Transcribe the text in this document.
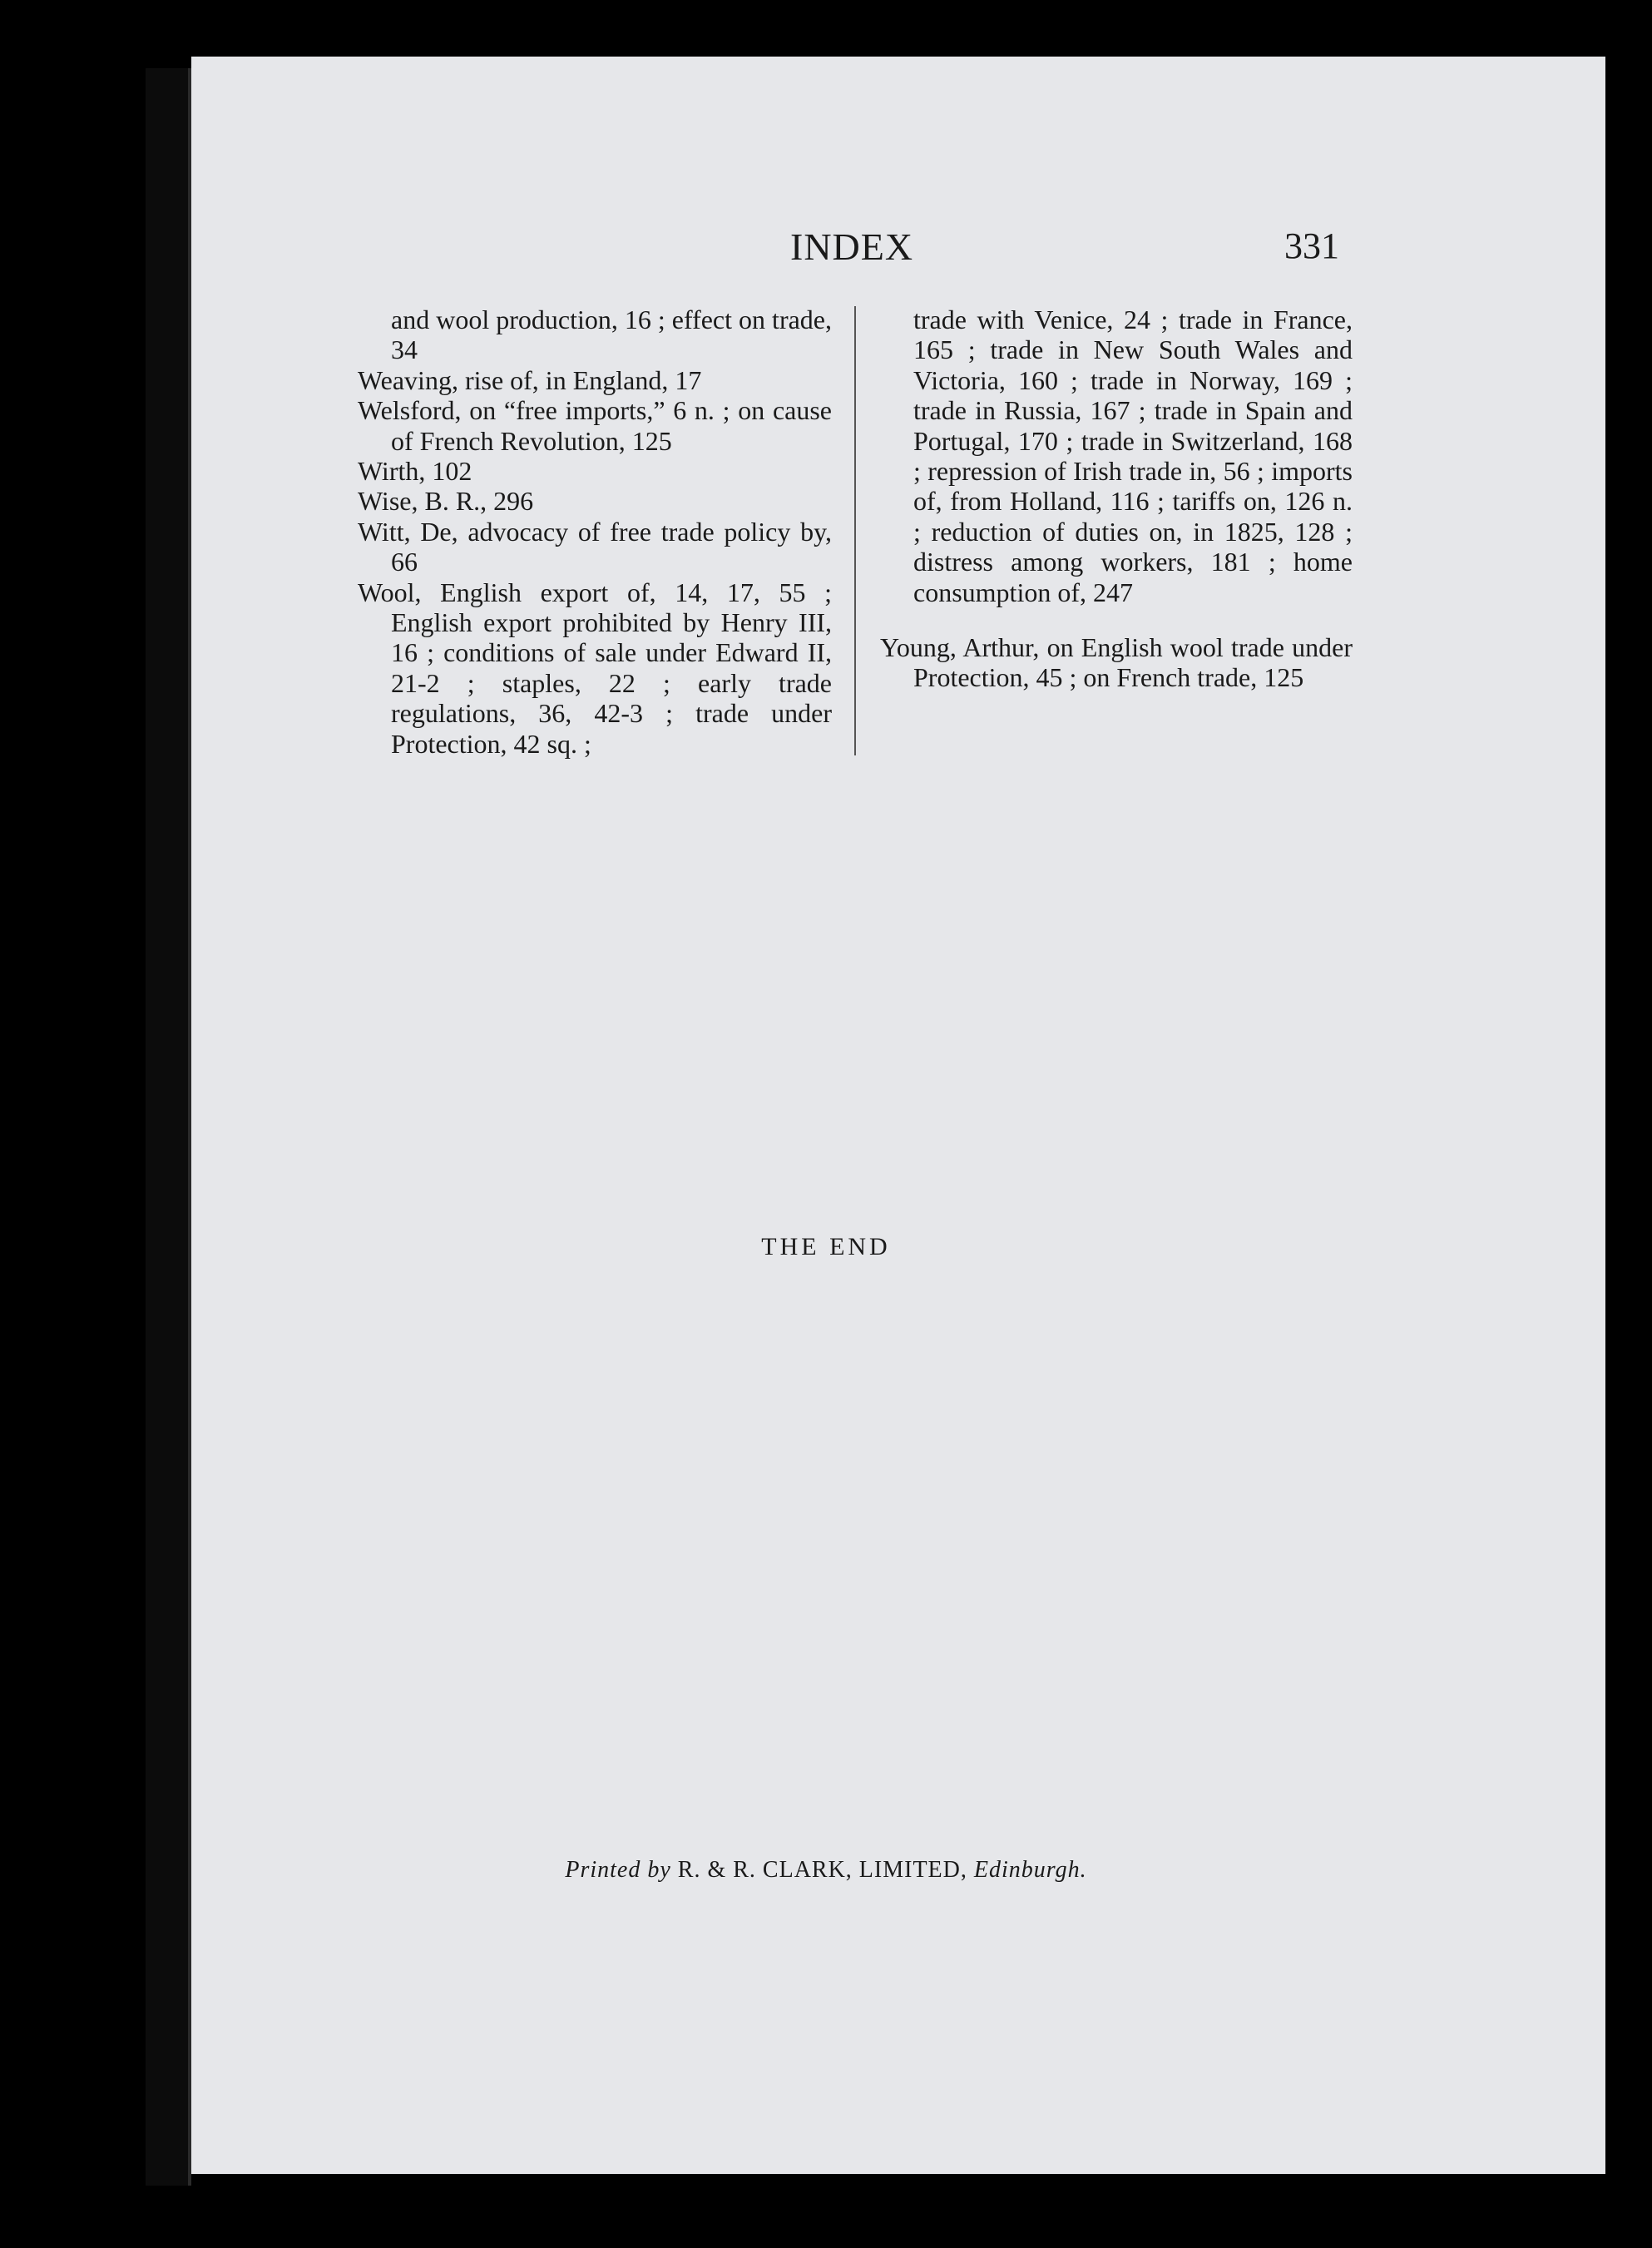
INDEX	331

and wool production, 16 ; effect on trade, 34

Weaving, rise of, in England, 17

Welsford, on “free imports,” 6 n. ; on cause of French Revolution, 125

Wirth, 102

Wise, B. R., 296

Witt, De, advocacy of free trade policy by, 66

Wool, English export of, 14, 17, 55 ; English export prohibited by Henry III, 16 ; conditions of sale under Edward II, 21-2 ; staples, 22 ; early trade regulations, 36, 42-3 ; trade under Protection, 42 sq. ;

trade with Venice, 24 ; trade in France, 165 ; trade in New South Wales and Victoria, 160 ; trade in Norway, 169 ; trade in Russia, 167 ; trade in Spain and Portugal, 170 ; trade in Switzerland, 168 ; repression of Irish trade in, 56 ; imports of, from Holland, 116 ; tariffs on, 126 n. ; reduction of duties on, in 1825, 128 ; distress among workers, 181 ; home consumption of, 247

Young, Arthur, on English wool trade under Protection, 45 ; on French trade, 125

THE END
Printed by R. & R. CLARK, LIMITED, Edinburgh.
